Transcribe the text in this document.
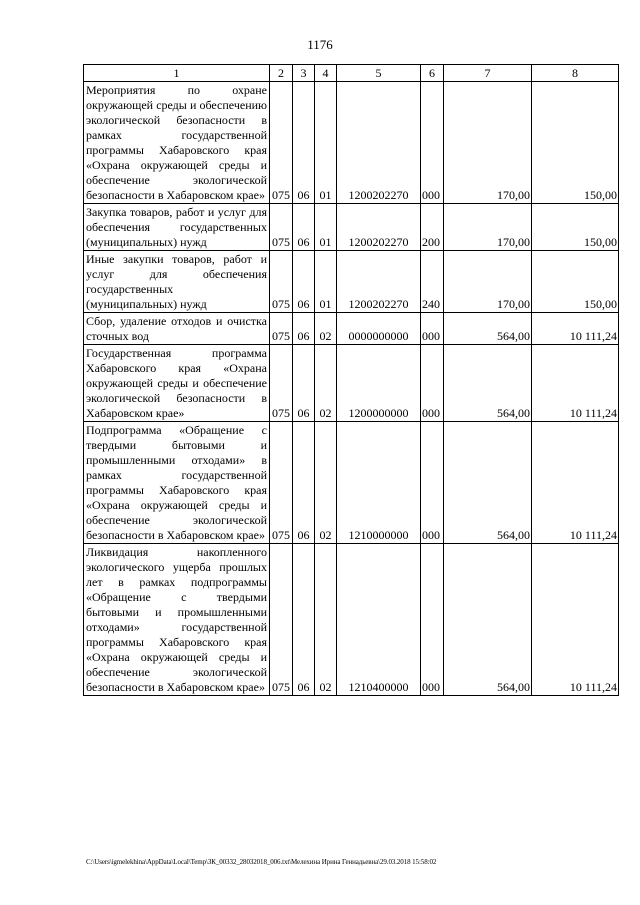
1176
1	2	3	4	5	6	7	8
Мероприятия по охране окружающей среды и обеспечению экологической безопасности в рамках государственной программы Хабаровского края «Охрана окружающей среды и обеспечение экологической безопасности в Хабаровском крае»	075	06	01	1200202270	000	170,00	150,00
Закупка товаров, работ и услуг для обеспечения государственных (муниципальных) нужд	075	06	01	1200202270	200	170,00	150,00
Иные закупки товаров, работ и услуг для обеспечения государственных (муниципальных) нужд	075	06	01	1200202270	240	170,00	150,00
Сбор, удаление отходов и очистка сточных вод	075	06	02	0000000000	000	564,00	10 111,24
Государственная программа Хабаровского края «Охрана окружающей среды и обеспечение экологической безопасности в Хабаровском крае»	075	06	02	1200000000	000	564,00	10 111,24
Подпрограмма «Обращение с твердыми бытовыми и промышленными отходами» в рамках государственной программы Хабаровского края «Охрана окружающей среды и обеспечение экологической безопасности в Хабаровском крае»	075	06	02	1210000000	000	564,00	10 111,24
Ликвидация накопленного экологического ущерба прошлых лет в рамках подпрограммы «Обращение с твердыми бытовыми и промышленными отходами» государственной программы Хабаровского края «Охрана окружающей среды и обеспечение экологической безопасности в Хабаровском крае»	075	06	02	1210400000	000	564,00	10 111,24
C:\Users\igmelekhina\AppData\Local\Temp\ЗК_00332_28032018_006.txt\Мелехина Ирина Геннадьевна\29.03.2018 15:58:02
